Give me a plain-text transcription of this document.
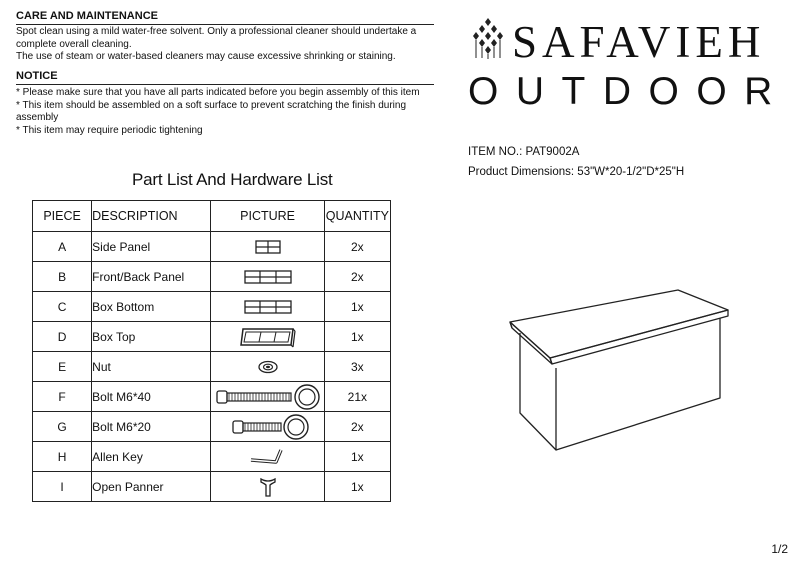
CARE AND MAINTENANCE
Spot clean using a mild water-free solvent. Only a professional cleaner should undertake a complete overall cleaning.
The use of steam or water-based cleaners may cause excessive shrinking or staining.
NOTICE
* Please make sure that you have all parts indicated before you begin assembly of this item
* This item should be assembled on a soft surface to prevent scratching the finish during assembly
* This item may require periodic tightening
Part List And Hardware List
PIECE	DESCRIPTION	PICTURE	QUANTITY
A	Side Panel		2x
B	Front/Back Panel		2x
C	Box Bottom		1x
D	Box Top		1x
E	Nut		3x
F	Bolt M6*40		21x
G	Bolt M6*20		2x
H	Allen Key		1x
I	Open Panner		1x
SAFAVIEH
OUTDOOR
ITEM NO.: PAT9002A
Product Dimensions: 53"W*20-1/2"D*25"H
1/2
